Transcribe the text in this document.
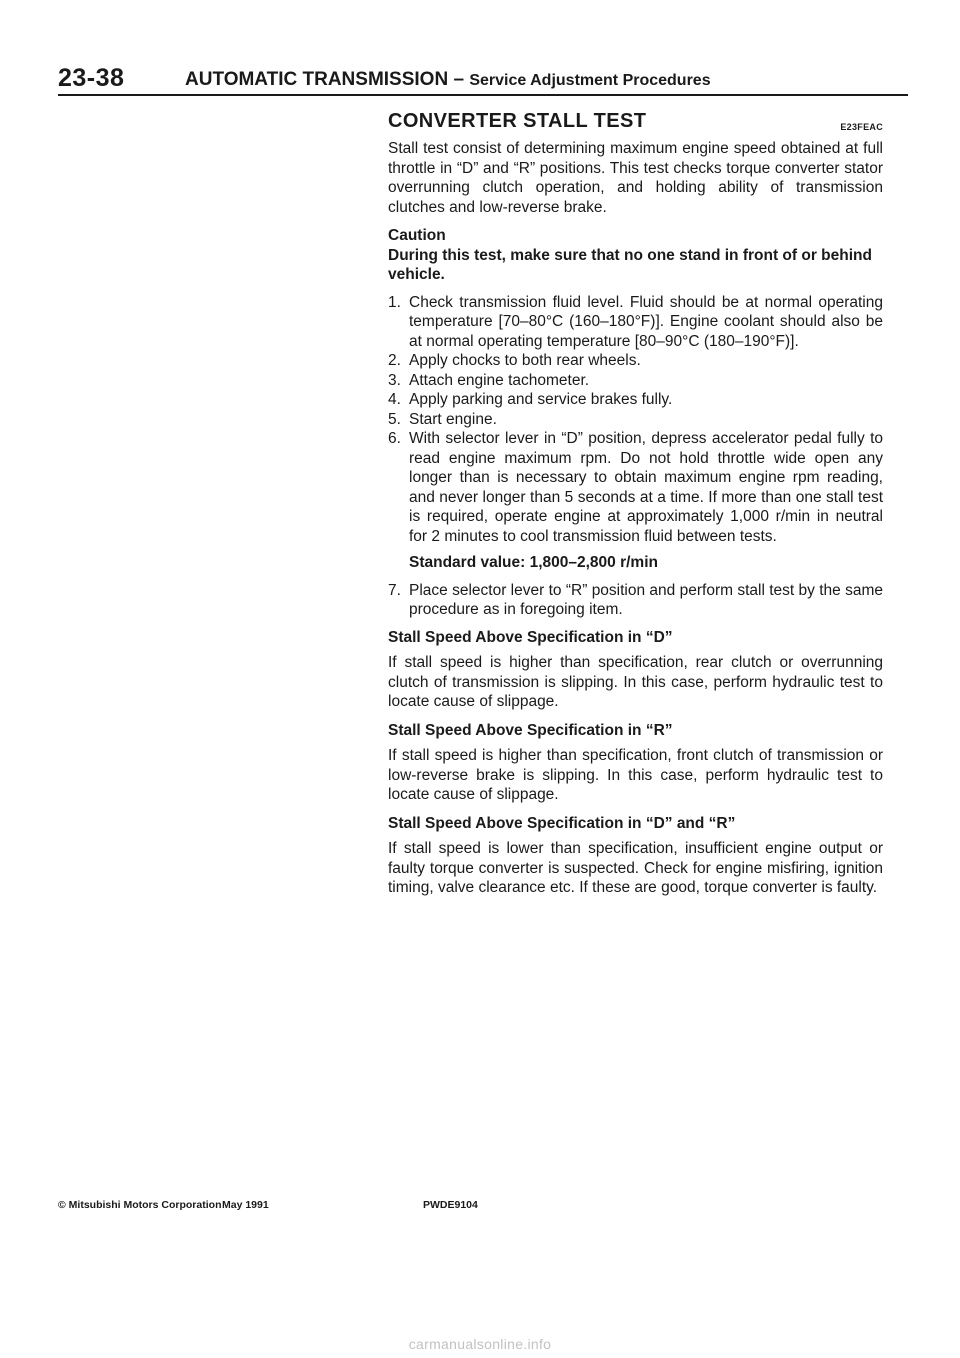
23-38	AUTOMATIC TRANSMISSION – Service Adjustment Procedures
CONVERTER STALL TEST	E23FEAC

Stall test consist of determining maximum engine speed obtained at full throttle in “D” and “R” positions. This test checks torque converter stator overrunning clutch operation, and holding ability of transmission clutches and low-reverse brake.

Caution
During this test, make sure that no one stand in front of or behind vehicle.
1. Check transmission fluid level. Fluid should be at normal operating temperature [70–80°C (160–180°F)]. Engine coolant should also be at normal operating temperature [80–90°C (180–190°F)].
2. Apply chocks to both rear wheels.
3. Attach engine tachometer.
4. Apply parking and service brakes fully.
5. Start engine.
6. With selector lever in “D” position, depress accelerator pedal fully to read engine maximum rpm. Do not hold throttle wide open any longer than is necessary to obtain maximum engine rpm reading, and never longer than 5 seconds at a time. If more than one stall test is required, operate engine at approximately 1,000 r/min in neutral for 2 minutes to cool transmission fluid between tests.
Standard value: 1,800–2,800 r/min
7. Place selector lever to “R” position and perform stall test by the same procedure as in foregoing item.
Stall Speed Above Specification in “D”

If stall speed is higher than specification, rear clutch or overrunning clutch of transmission is slipping. In this case, perform hydraulic test to locate cause of slippage.

Stall Speed Above Specification in “R”

If stall speed is higher than specification, front clutch of transmission or low-reverse brake is slipping. In this case, perform hydraulic test to locate cause of slippage.

Stall Speed Above Specification in “D” and “R”

If stall speed is lower than specification, insufficient engine output or faulty torque converter is suspected. Check for engine misfiring, ignition timing, valve clearance etc. If these are good, torque converter is faulty.

© Mitsubishi Motors Corporation May 1991	PWDE9104
carmanualsonline.info
